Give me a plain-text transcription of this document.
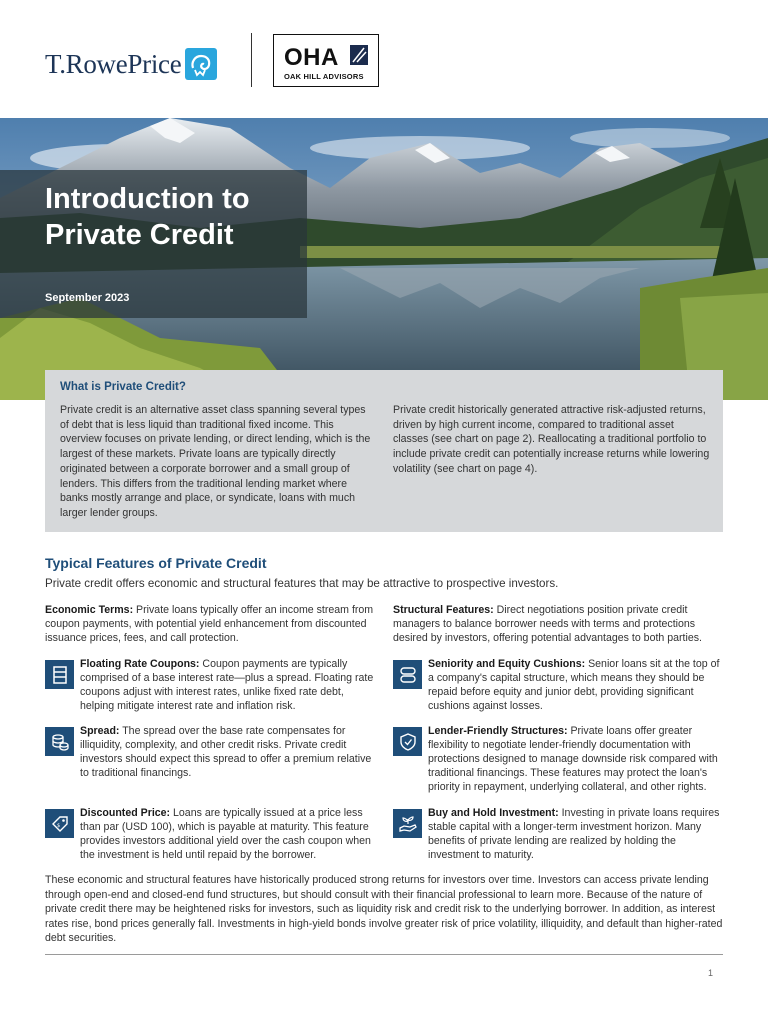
T.RowePrice	OHA
OAK HILL ADVISORS
Introduction to
Private Credit
September 2023
What is Private Credit?
Private credit is an alternative asset class spanning several types of debt that is less liquid than traditional fixed income. This overview focuses on private lending, or direct lending, which is the largest of these markets. Private loans are typically directly originated between a corporate borrower and a small group of lenders. This differs from the traditional lending market where banks mostly arrange and place, or syndicate, loans with much larger lender groups.
Private credit historically generated attractive risk-adjusted returns, driven by high current income, compared to traditional asset classes (see chart on page 2). Reallocating a traditional portfolio to include private credit can potentially increase returns while lowering volatility (see chart on page 4).
Typical Features of Private Credit
Private credit offers economic and structural features that may be attractive to prospective investors.
Economic Terms: Private loans typically offer an income stream from coupon payments, with potential yield enhancement from discounted issuance prices, fees, and call protection.
Structural Features: Direct negotiations position private credit managers to balance borrower needs with terms and protections desired by investors, offering potential advantages to both parties.
Floating Rate Coupons: Coupon payments are typically comprised of a base interest rate—plus a spread. Floating rate coupons adjust with interest rates, unlike fixed rate debt, helping mitigate interest rate and inflation risk.
Spread: The spread over the base rate compensates for illiquidity, complexity, and other credit risks. Private credit investors should expect this spread to offer a premium relative to traditional financings.
$
Discounted Price: Loans are typically issued at a price less than par (USD 100), which is payable at maturity. This feature provides investors additional yield over the cash coupon when the investment is held until repaid by the borrower.
Seniority and Equity Cushions: Senior loans sit at the top of a company's capital structure, which means they should be repaid before equity and junior debt, providing significant cushions against losses.
Lender-Friendly Structures: Private loans offer greater flexibility to negotiate lender-friendly documentation with protections designed to manage downside risk compared with traditional financings. These features may protect the loan's priority in repayment, underlying collateral, and other rights.
Buy and Hold Investment: Investing in private loans requires stable capital with a longer-term investment horizon. Many benefits of private lending are realized by holding the investment to maturity.
These economic and structural features have historically produced strong returns for investors over time. Investors can access private lending through open-end and closed-end fund structures, but should consult with their financial professional to learn more. Because of the nature of private credit there may be heightened risks for investors, such as liquidity risk and credit risk to the underlying borrower. In addition, as interest rates rise, bond prices generally fall. Investments in high-yield bonds involve greater risk of price volatility, illiquidity, and default than higher-rated debt securities.
1
